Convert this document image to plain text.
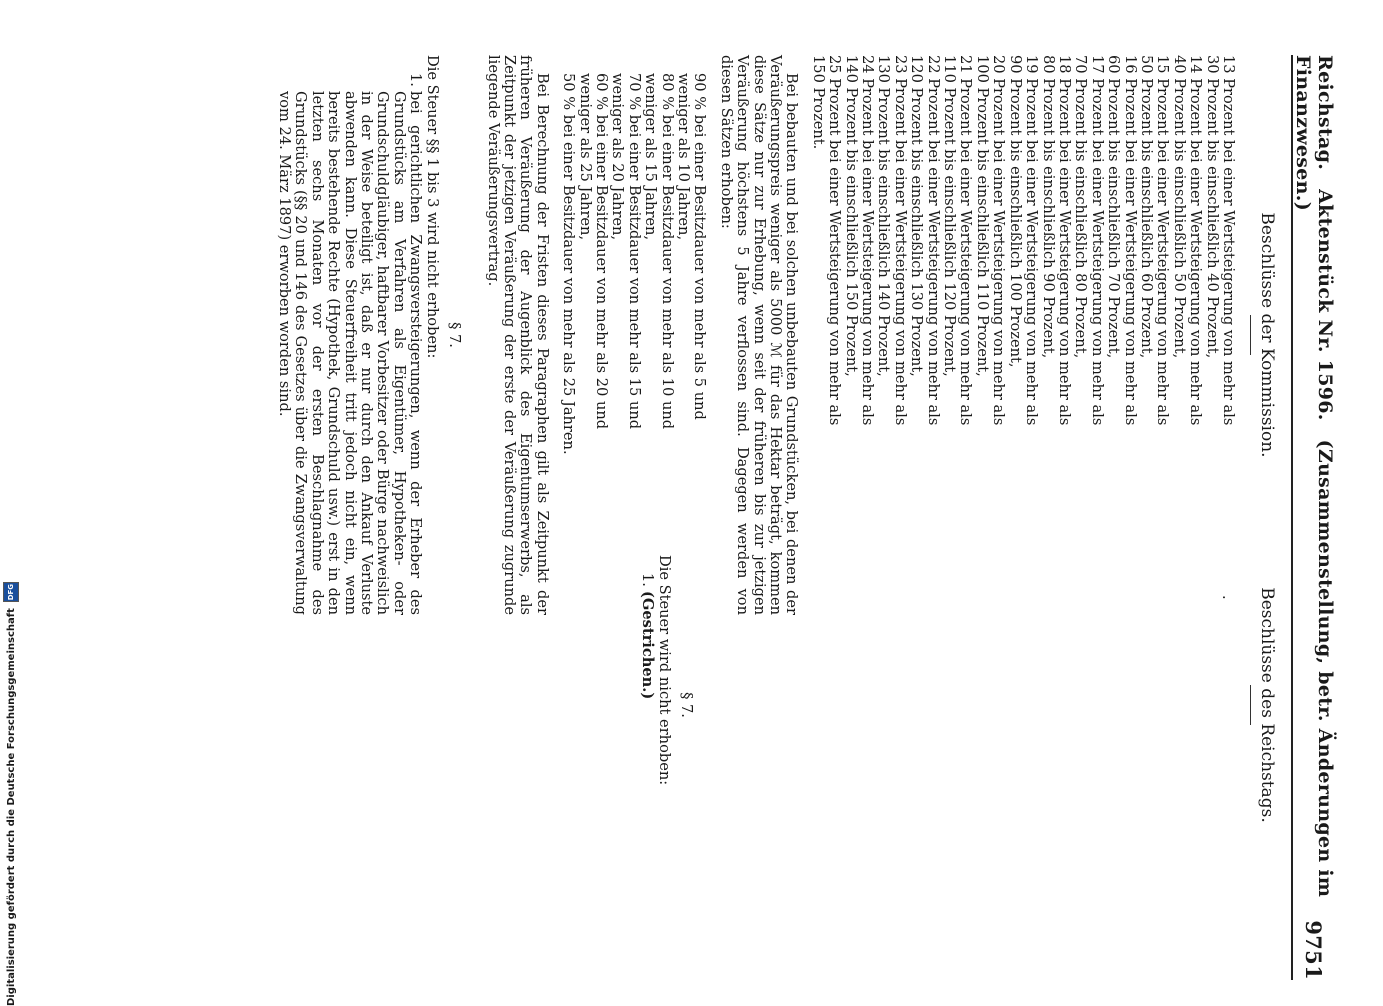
Reichstag. Aktenstück Nr. 1596. (Zusammenstellung, betr. Änderungen im Finanzwesen.)
9751
Beschlüsse der Kommission.

13 Prozent bei einer Wertsteigerung von mehr als

30 Prozent bis einschließlich 40 Prozent,

14 Prozent bei einer Wertsteigerung von mehr als

40 Prozent bis einschließlich 50 Prozent,

15 Prozent bei einer Wertsteigerung von mehr als

50 Prozent bis einschließlich 60 Prozent,

16 Prozent bei einer Wertsteigerung von mehr als

60 Prozent bis einschließlich 70 Prozent,

17 Prozent bei einer Wertsteigerung von mehr als

70 Prozent bis einschließlich 80 Prozent,

18 Prozent bei einer Wertsteigerung von mehr als

80 Prozent bis einschließlich 90 Prozent,

19 Prozent bei einer Wertsteigerung von mehr als

90 Prozent bis einschließlich 100 Prozent,

20 Prozent bei einer Wertsteigerung von mehr als

100 Prozent bis einschließlich 110 Prozent,

21 Prozent bei einer Wertsteigerung von mehr als

110 Prozent bis einschließlich 120 Prozent,

22 Prozent bei einer Wertsteigerung von mehr als

120 Prozent bis einschließlich 130 Prozent,

23 Prozent bei einer Wertsteigerung von mehr als

130 Prozent bis einschließlich 140 Prozent,

24 Prozent bei einer Wertsteigerung von mehr als

140 Prozent bis einschließlich 150 Prozent,

25 Prozent bei einer Wertsteigerung von mehr als

150 Prozent.

Bei bebauten und bei solchen unbebauten Grundstücken, bei denen der Veräußerungspreis weniger als 5000 ℳ für das Hektar beträgt, kommen diese Sätze nur zur Erhebung, wenn seit der früheren bis zur jetzigen Veräußerung höchstens 5 Jahre verflossen sind. Dagegen werden von diesen Sätzen erhoben:

90 % bei einer Besitzdauer von mehr als 5 und

weniger als 10 Jahren,

80 % bei einer Besitzdauer von mehr als 10 und

weniger als 15 Jahren,

70 % bei einer Besitzdauer von mehr als 15 und

weniger als 20 Jahren,

60 % bei einer Besitzdauer von mehr als 20 und

weniger als 25 Jahren,

50 % bei einer Besitzdauer von mehr als 25 Jahren.

Bei Berechnung der Fristen dieses Paragraphen gilt als Zeitpunkt der früheren Veräußerung der Augenblick des Eigentumserwerbs, als Zeitpunkt der jetzigen Veräußerung der erste der Veräußerung zugrunde liegende Veräußerungsvertrag.

§ 7.

Die Steuer §§ 1 bis 3 wird nicht erhoben:

1.
bei gerichtlichen Zwangsversteigerungen, wenn der Erheber des Grundstücks am Verfahren als Eigentümer, Hypotheken- oder Grundschuldgläubiger, haftbarer Vorbesitzer oder Bürge nachweislich in der Weise beteiligt ist, daß er nur durch den Ankauf Verluste abwenden kann. Diese Steuerfreiheit tritt jedoch nicht ein, wenn bereits bestehende Rechte (Hypothek, Grundschuld usw.) erst in den letzten sechs Monaten vor der ersten Beschlagnahme des Grundstücks (§§ 20 und 146 des Gesetzes über die Zwangsverwaltung vom 24. März 1897) erworben worden sind.
Beschlüsse des Reichstags.
.
§ 7.

Die Steuer wird nicht erhoben:

1.
(Gestrichen.)
Digitalisierung gefördert durch die Deutsche Forschungsgemeinschaft
DFG
